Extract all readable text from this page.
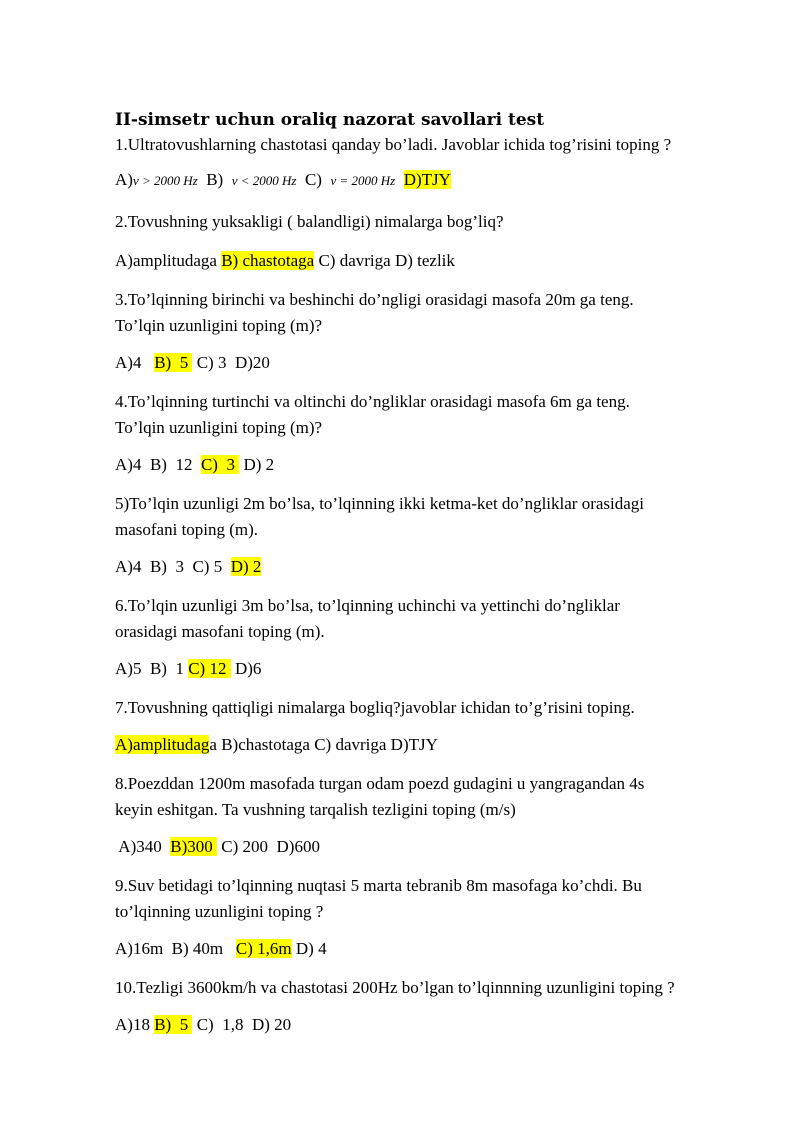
II-simsetr uchun oraliq nazorat savollari test

1.Ultratovushlarning chastotasi qanday bo’ladi. Javoblar ichida tog’risini toping ?

A)v > 2000 Hz  B)  v < 2000 Hz  C)  v = 2000 Hz D)TJY

2.Tovushning yuksakligi ( balandligi) nimalarga bog’liq?

A)amplitudaga B) chastotaga C) davriga D) tezlik

3.To’lqinning birinchi va beshinchi do’ngligi orasidagi masofa 20m ga teng.
To’lqin uzunligini toping (m)?

A)4   B)  5  C) 3  D)20

4.To’lqinning turtinchi va oltinchi do’ngliklar orasidagi masofa 6m ga teng.
To’lqin uzunligini toping (m)?

A)4  B)  12  C)  3  D) 2

5)To’lqin uzunligi 2m bo’lsa, to’lqinning ikki ketma-ket do’ngliklar orasidagi
masofani toping (m).

A)4  B)  3  C) 5  D) 2

6.To’lqin uzunligi 3m bo’lsa, to’lqinning uchinchi va yettinchi do’ngliklar
orasidagi masofani toping (m).

A)5  B)  1 C) 12  D)6

7.Tovushning qattiqligi nimalarga bogliq?javoblar ichidan to’g’risini toping.

A)amplitudaga B)chastotaga C) davriga D)TJY

8.Poezddan 1200m masofada turgan odam poezd gudagini u yangragandan 4s
keyin eshitgan. Ta vushning tarqalish tezligini toping (m/s)

A)340  B)300  C) 200  D)600

9.Suv betidagi to’lqinning nuqtasi 5 marta tebranib 8m masofaga ko’chdi. Bu
to’lqinning uzunligini toping ?

A)16m  B) 40m   C) 1,6m D) 4

10.Tezligi 3600km/h va chastotasi 200Hz bo’lgan to’lqinnning uzunligini toping ?

A)18 B)  5  C)  1,8  D) 20
